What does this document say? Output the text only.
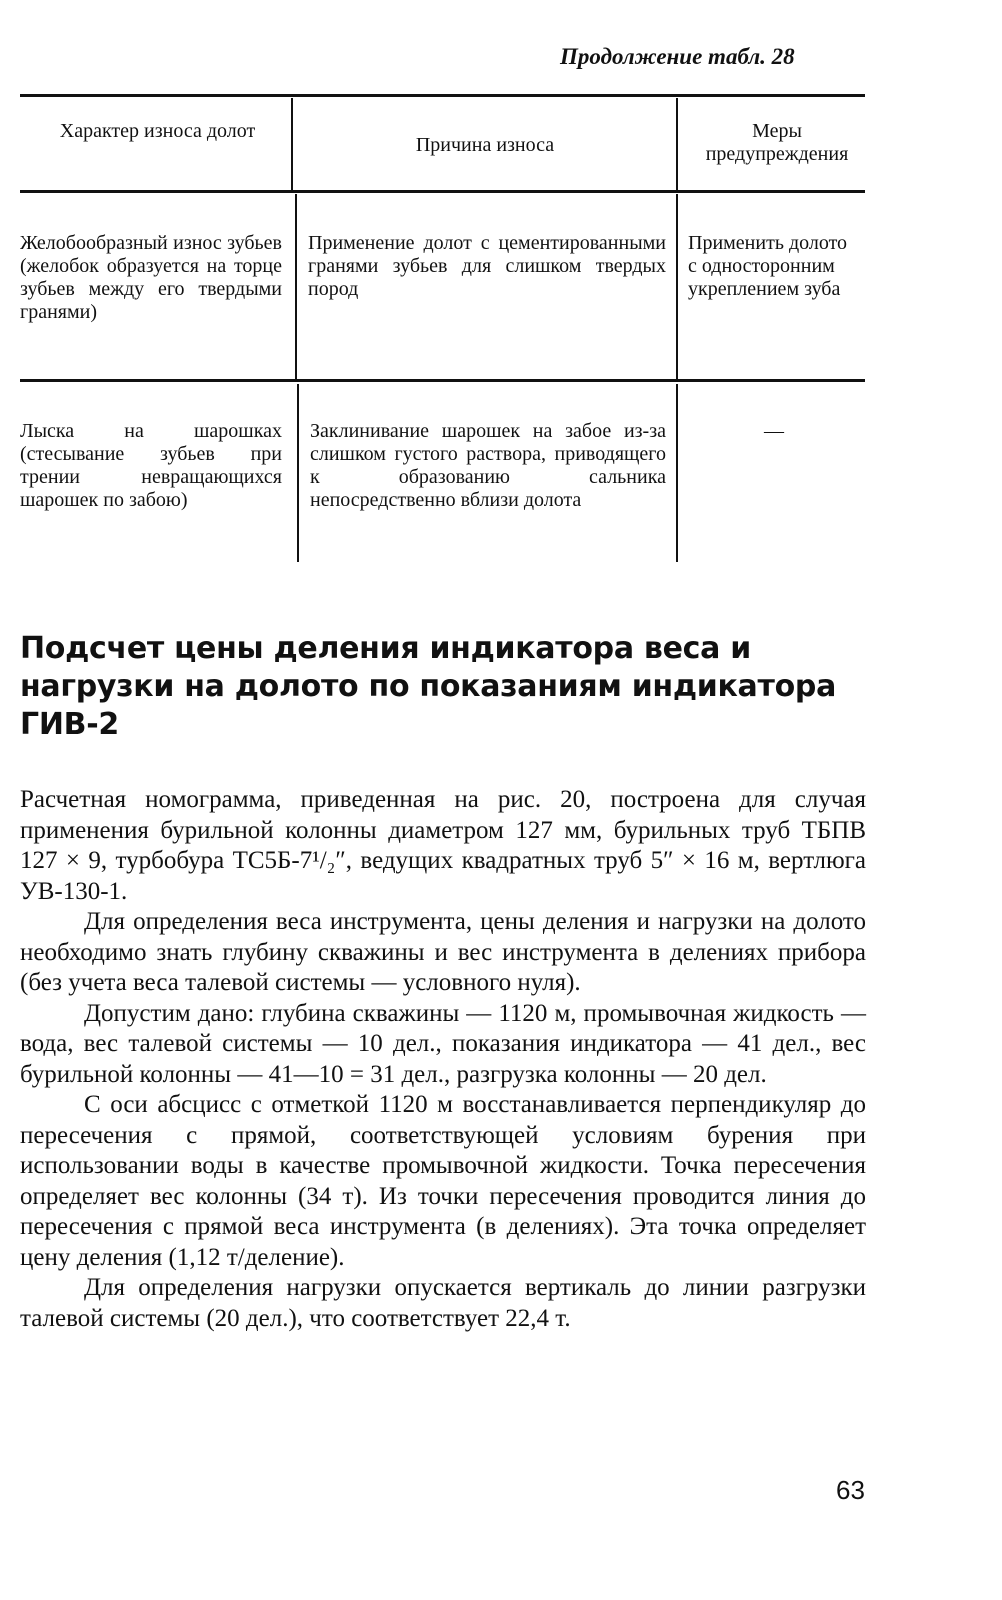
Продолжение табл. 28
Характер износа долот
Причина износа
Меры предупреждения
Желобообразный износ зубьев (желобок образуется на торце зубьев между его твердыми гранями)
Применение долот с цементированными гранями зубьев для слишком твердых пород
Применить долото с односторонним укреплением зуба
Лыска на шарошках (стесывание зубьев при трении невращающихся шарошек по забою)
Заклинивание шарошек на забое из-за слишком густого раствора, приводящего к образованию сальника непосредственно вблизи долота
—
Подсчет цены деления индикатора веса и нагрузки на долото по показаниям индикатора ГИВ-2

Расчетная номограмма, приведенная на рис. 20, построена для случая применения бурильной колонны диаметром 127 мм, бурильных труб ТБПВ 127 × 9, турбобура ТС5Б-7¹/₂″, ведущих квадратных труб 5″ × 16 м, вертлюга УВ-130-1.

Для определения веса инструмента, цены деления и нагрузки на долото необходимо знать глубину скважины и вес инструмента в делениях прибора (без учета веса талевой системы — условного нуля).

Допустим дано: глубина скважины — 1120 м, промывочная жидкость — вода, вес талевой системы — 10 дел., показания индикатора — 41 дел., вес бурильной колонны — 41—10 = 31 дел., разгрузка колонны — 20 дел.

С оси абсцисс с отметкой 1120 м восстанавливается перпендикуляр до пересечения с прямой, соответствующей условиям бурения при использовании воды в качестве промывочной жидкости. Точка пересечения определяет вес колонны (34 т). Из точки пересечения проводится линия до пересечения с прямой веса инструмента (в делениях). Эта точка определяет цену деления (1,12 т/деление).

Для определения нагрузки опускается вертикаль до линии разгрузки талевой системы (20 дел.), что соответствует 22,4 т.

63
